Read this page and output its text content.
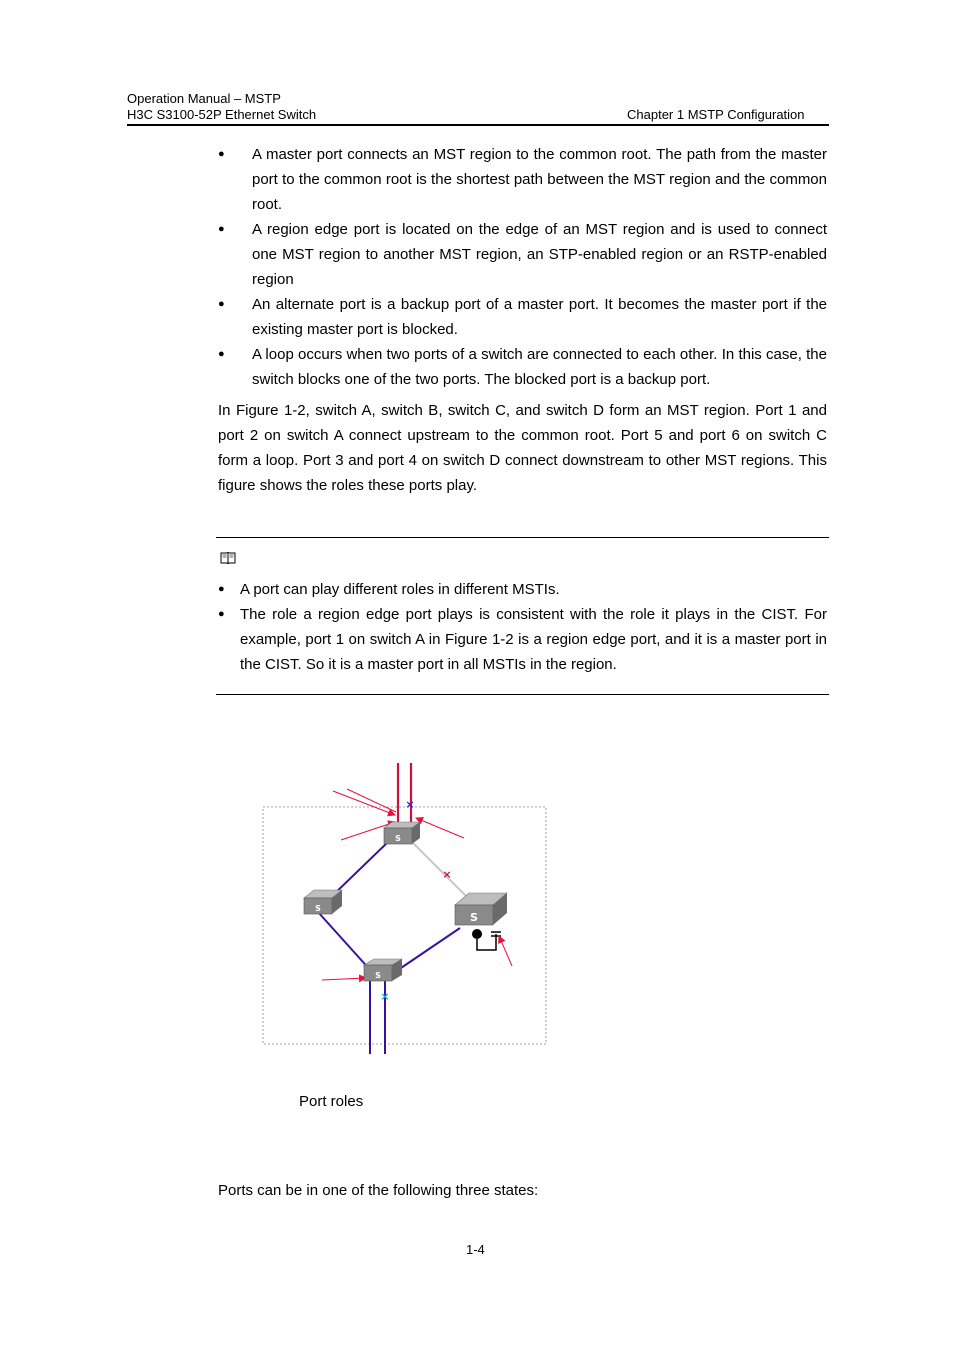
Operation Manual – MSTP
H3C S3100-52P Ethernet Switch	Chapter 1 MSTP Configuration
● A master port connects an MST region to the common root. The path from the master port to the common root is the shortest path between the MST region and the common root.
● A region edge port is located on the edge of an MST region and is used to connect one MST region to another MST region, an STP-enabled region or an RSTP-enabled region
● An alternate port is a backup port of a master port. It becomes the master port if the existing master port is blocked.
● A loop occurs when two ports of a switch are connected to each other. In this case, the switch blocks one of the two ports. The blocked port is a backup port.

In Figure 1-2, switch A, switch B, switch C, and switch D form an MST region. Port 1 and port 2 on switch A connect upstream to the common root. Port 5 and port 6 on switch C form a loop. Port 3 and port 4 on switch D connect downstream to other MST regions. This figure shows the roles these ports play.

● A port can play different roles in different MSTIs.
● The role a region edge port plays is consistent with the role it plays in the CIST. For example, port 1 on switch A in Figure 1-2 is a region edge port, and it is a master port in the CIST. So it is a master port in all MSTIs in the region.
×
×
×
S
S
S
S
Port roles
Ports can be in one of the following three states:
1-4
